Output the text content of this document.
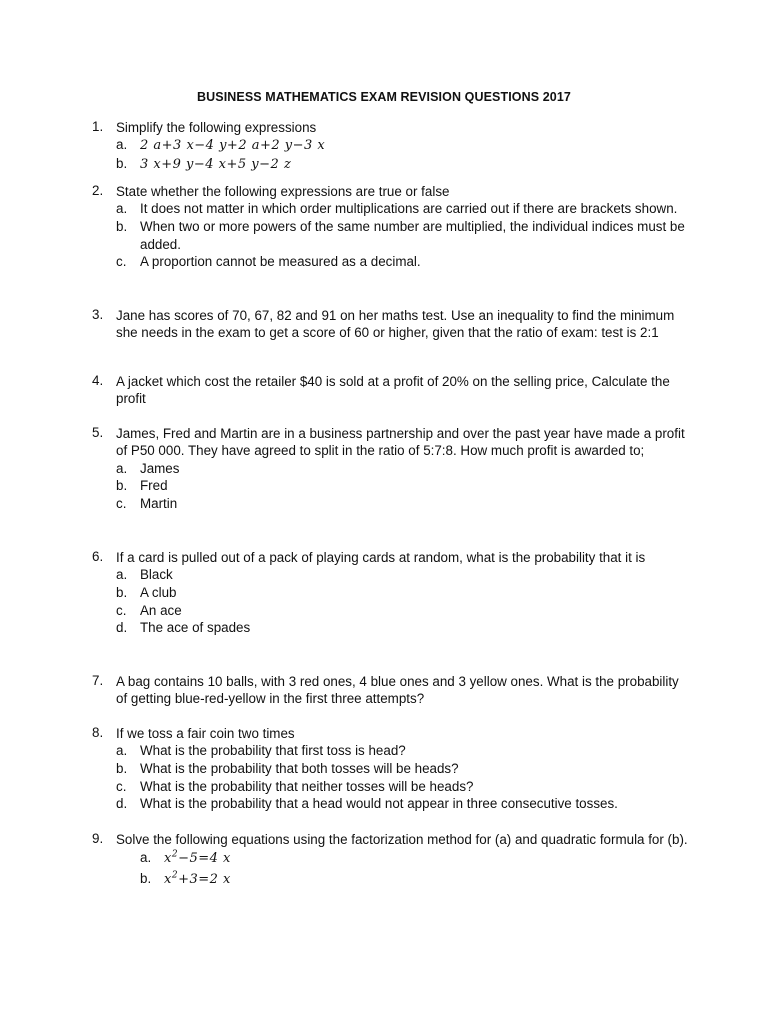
BUSINESS MATHEMATICS EXAM REVISION QUESTIONS 2017
1. Simplify the following expressions
a. 2 a+3 x−4 y+2 a+2 y−3 x
b. 3 x+9 y−4 x+5 y−2 z
2. State whether the following expressions are true or false
a. It does not matter in which order multiplications are carried out if there are brackets shown.
b. When two or more powers of the same number are multiplied, the individual indices must be added.
c. A proportion cannot be measured as a decimal.
3. Jane has scores of 70, 67, 82 and 91 on her maths test. Use an inequality to find the minimum she needs in the exam to get a score of 60 or higher, given that the ratio of exam: test is 2:1
4. A jacket which cost the retailer $40 is sold at a profit of 20% on the selling price, Calculate the profit
5. James, Fred and Martin are in a business partnership and over the past year have made a profit of P50 000. They have agreed to split in the ratio of 5:7:8. How much profit is awarded to;
a. James
b. Fred
c. Martin
6. If a card is pulled out of a pack of playing cards at random, what is the probability that it is
a. Black
b. A club
c. An ace
d. The ace of spades
7. A bag contains 10 balls, with 3 red ones, 4 blue ones and 3 yellow ones. What is the probability of getting blue-red-yellow in the first three attempts?
8. If we toss a fair coin two times
a. What is the probability that first toss is head?
b. What is the probability that both tosses will be heads?
c. What is the probability that neither tosses will be heads?
d. What is the probability that a head would not appear in three consecutive tosses.
9. Solve the following equations using the factorization method for (a) and quadratic formula for (b).
a. $x^2-5=4$ x
b. $x^2+3=2$ x
